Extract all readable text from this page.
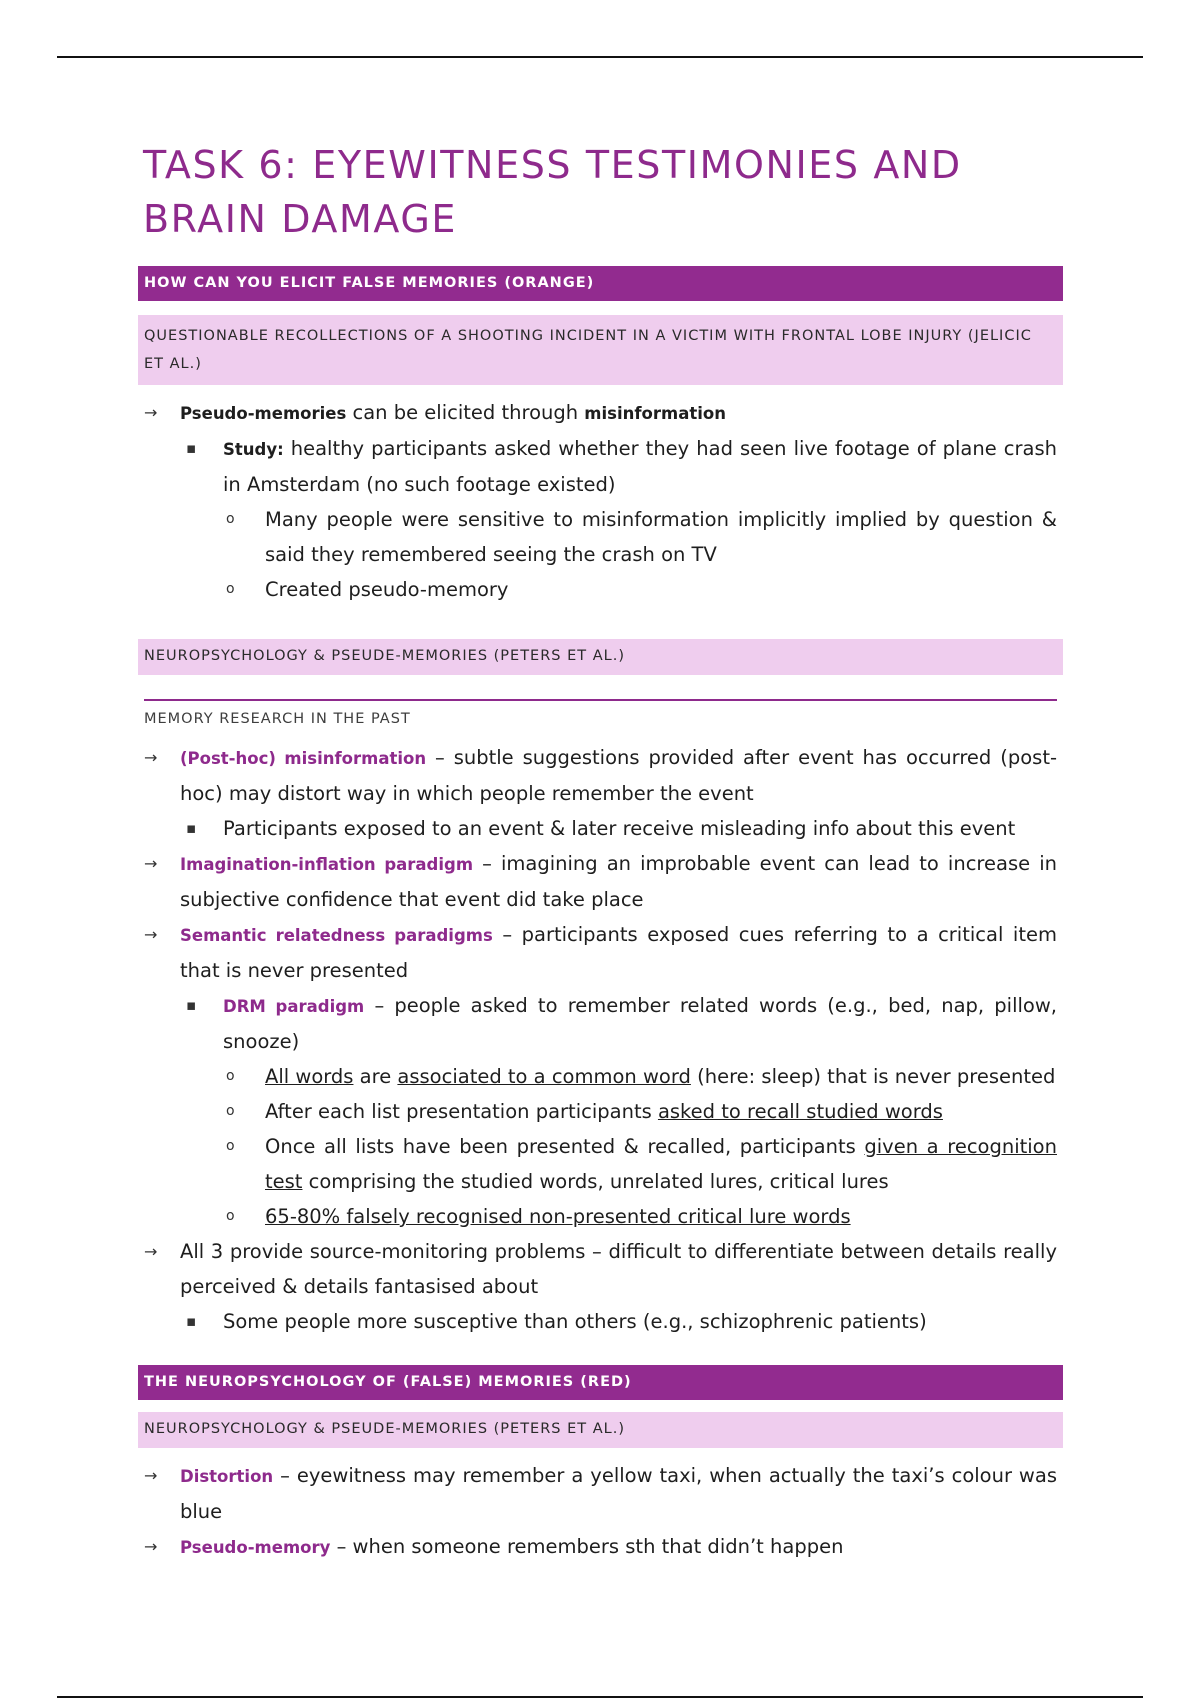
TASK 6: EYEWITNESS TESTIMONIES AND BRAIN DAMAGE
HOW CAN YOU ELICIT FALSE MEMORIES (ORANGE)
QUESTIONABLE RECOLLECTIONS OF A SHOOTING INCIDENT IN A VICTIM WITH FRONTAL LOBE INJURY (JELICIC ET AL.)
→ Pseudo-memories can be elicited through misinformation
▪ Study: healthy participants asked whether they had seen live footage of plane crash in Amsterdam (no such footage existed)
o Many people were sensitive to misinformation implicitly implied by question & said they remembered seeing the crash on TV
o Created pseudo-memory
NEUROPSYCHOLOGY & PSEUDE-MEMORIES (PETERS ET AL.)
MEMORY RESEARCH IN THE PAST
→ (Post-hoc) misinformation – subtle suggestions provided after event has occurred (post-hoc) may distort way in which people remember the event
▪ Participants exposed to an event & later receive misleading info about this event
→ Imagination-inflation paradigm – imagining an improbable event can lead to increase in subjective confidence that event did take place
→ Semantic relatedness paradigms – participants exposed cues referring to a critical item that is never presented
▪ DRM paradigm – people asked to remember related words (e.g., bed, nap, pillow, snooze)
o All words are associated to a common word (here: sleep) that is never presented
o After each list presentation participants asked to recall studied words
o Once all lists have been presented & recalled, participants given a recognition test comprising the studied words, unrelated lures, critical lures
o 65-80% falsely recognised non-presented critical lure words
→ All 3 provide source-monitoring problems – difficult to differentiate between details really perceived & details fantasised about
▪ Some people more susceptive than others (e.g., schizophrenic patients)
THE NEUROPSYCHOLOGY OF (FALSE) MEMORIES (RED)
NEUROPSYCHOLOGY & PSEUDE-MEMORIES (PETERS ET AL.)
→ Distortion – eyewitness may remember a yellow taxi, when actually the taxi’s colour was blue
→ Pseudo-memory – when someone remembers sth that didn’t happen
